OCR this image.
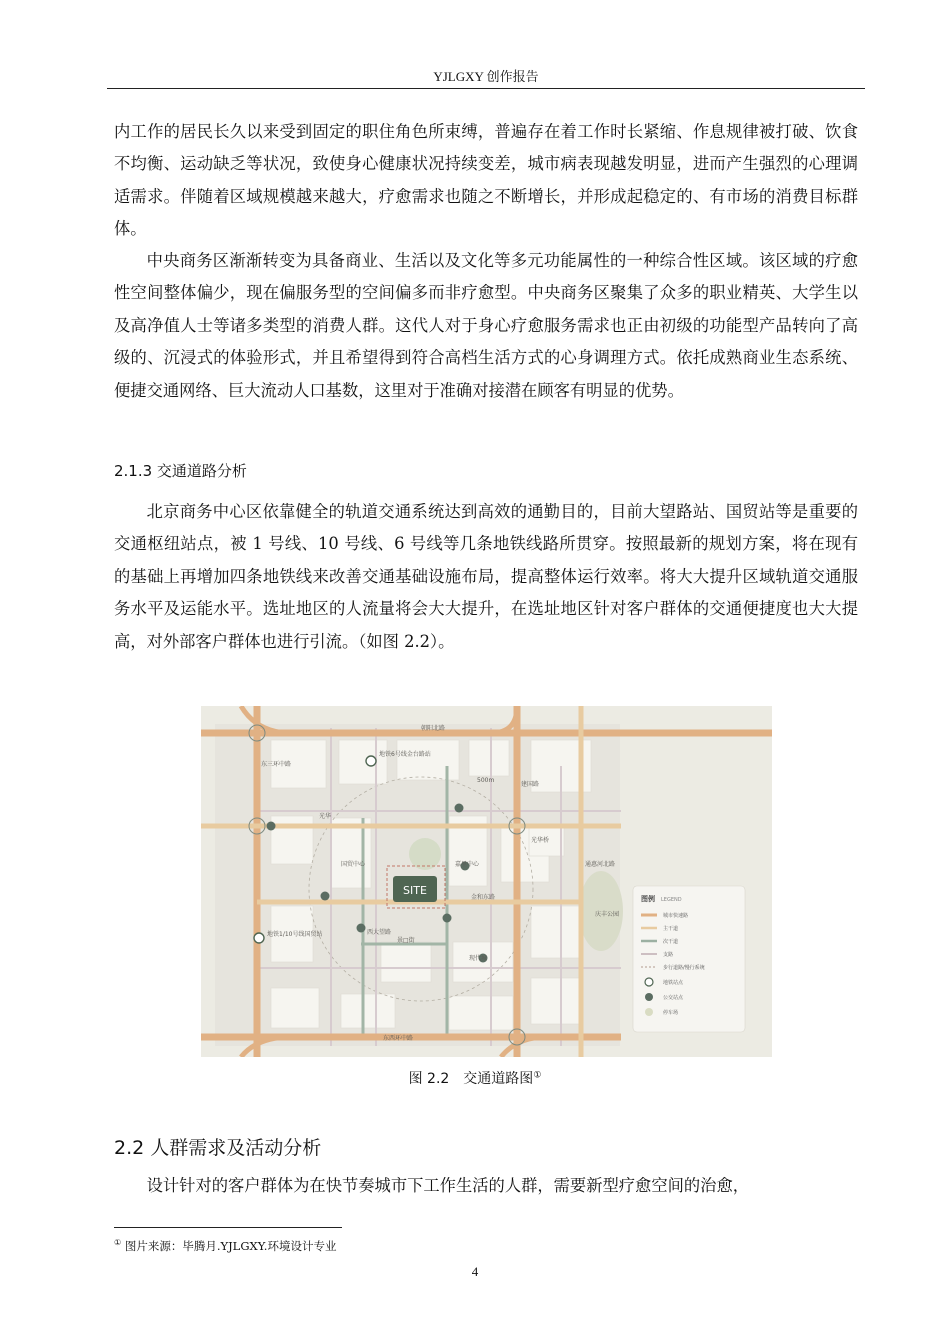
YJLGXY 创作报告

内工作的居民长久以来受到固定的职住角色所束缚，普遍存在着工作时长紧缩、作息规律被打破、饮食不均衡、运动缺乏等状况，致使身心健康状况持续变差，城市病表现越发明显，进而产生强烈的心理调适需求。伴随着区域规模越来越大，疗愈需求也随之不断增长，并形成起稳定的、有市场的消费目标群体。

中央商务区渐渐转变为具备商业、生活以及文化等多元功能属性的一种综合性区域。该区域的疗愈性空间整体偏少，现在偏服务型的空间偏多而非疗愈型。中央商务区聚集了众多的职业精英、大学生以及高净值人士等诸多类型的消费人群。这代人对于身心疗愈服务需求也正由初级的功能型产品转向了高级的、沉浸式的体验形式，并且希望得到符合高档生活方式的心身调理方式。依托成熟商业生态系统、便捷交通网络、巨大流动人口基数，这里对于准确对接潜在顾客有明显的优势。

2.1.3 交通道路分析

北京商务中心区依靠健全的轨道交通系统达到高效的通勤目的，目前大望路站、国贸站等是重要的交通枢纽站点，被 1 号线、10 号线、6 号线等几条地铁线路所贯穿。按照最新的规划方案，将在现有的基础上再增加四条地铁线来改善交通基础设施布局，提高整体运行效率。将大大提升区域轨道交通服务水平及运能水平。选址地区的人流量将会大大提升，在选址地区针对客户群体的交通便捷度也大大提高，对外部客户群体也进行引流。（如图 2.2）。

SITE
朝阳北路
东西环中路
东三环中路
通惠河北路
建国路
光华
金和东路
西大望路
景□街
地铁6号线金台路站
地铁1/10号线国贸站
国贸中心	嘉里中心
光华桥
现代城
庆丰公园
500m
图例 LEGEND
城市快速路
主干道
次干道
支路
步行道路/慢行系统
地铁站点
公交站点
停车场
图 2.2　交通道路图①
2.2 人群需求及活动分析

设计针对的客户群体为在快节奏城市下工作生活的人群，需要新型疗愈空间的治愈，

① 图片来源：毕腾月.YJLGXY.环境设计专业
4
